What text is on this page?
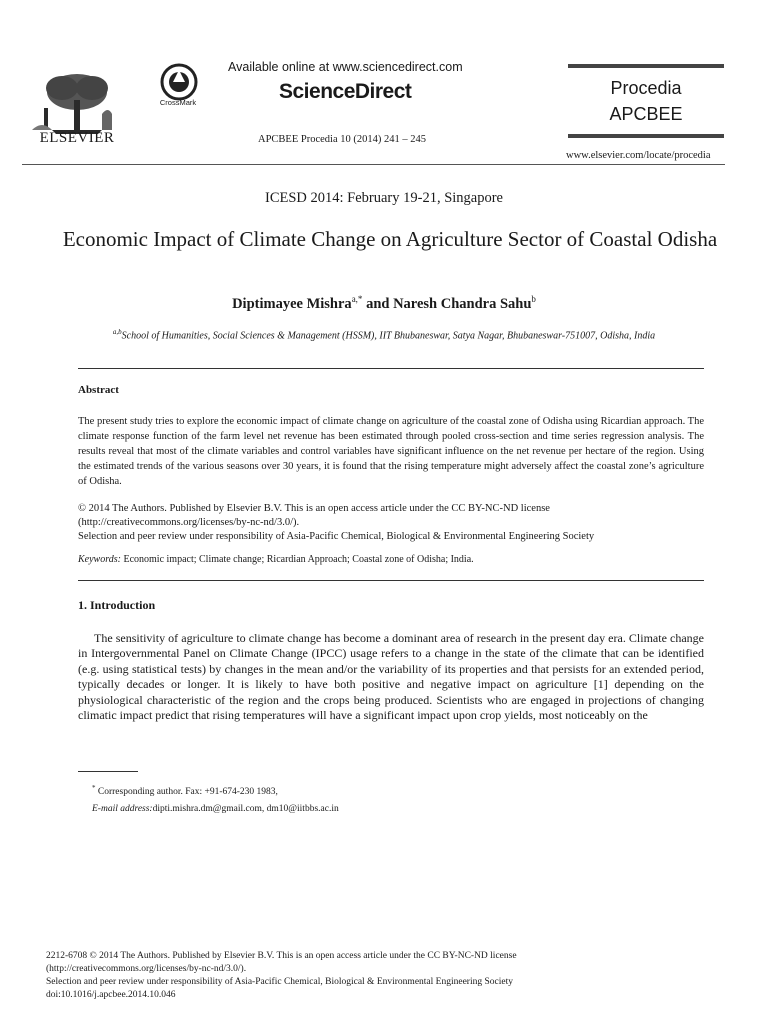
ELSEVIER
CrossMark
Available online at www.sciencedirect.com
ScienceDirect
APCBEE Procedia 10 (2014) 241 – 245
Procedia
APCBEE
www.elsevier.com/locate/procedia
ICESD 2014: February 19-21, Singapore
Economic Impact of Climate Change on Agriculture Sector of Coastal Odisha
Diptimayee Mishra$^{a,*}$ and Naresh Chandra Sahu$^b$
$^{a,b}$School of Humanities, Social Sciences & Management (HSSM), IIT Bhubaneswar, Satya Nagar, Bhubaneswar-751007, Odisha, India
Abstract
The present study tries to explore the economic impact of climate change on agriculture of the coastal zone of Odisha using Ricardian approach. The climate response function of the farm level net revenue has been estimated through pooled cross-section and time series regression analysis. The results reveal that most of the climate variables and control variables have significant influence on the net revenue per hectare of the region. Using the estimated trends of the various seasons over 30 years, it is found that the rising temperature might adversely affect the coastal zone’s agriculture of Odisha.
© 2014 The Authors. Published by Elsevier B.V. This is an open access article under the CC BY-NC-ND license
(http://creativecommons.org/licenses/by-nc-nd/3.0/).
Selection and peer review under responsibility of Asia-Pacific Chemical, Biological & Environmental Engineering Society
Keywords: Economic impact; Climate change; Ricardian Approach; Coastal zone of Odisha; India.
1. Introduction
The sensitivity of agriculture to climate change has become a dominant area of research in the present day era. Climate change in Intergovernmental Panel on Climate Change (IPCC) usage refers to a change in the state of the climate that can be identified (e.g. using statistical tests) by changes in the mean and/or the variability of its properties and that persists for an extended period, typically decades or longer. It is likely to have both positive and negative impact on agriculture [1] depending on the physiological characteristic of the region and the crops being produced. Scientists who are engaged in projections of changing climatic impact predict that rising temperatures will have a significant impact upon crop yields, most noticeably on the
* Corresponding author. Fax: +91-674-230 1983,
E-mail address:dipti.mishra.dm@gmail.com, dm10@iitbbs.ac.in
2212-6708 © 2014 The Authors. Published by Elsevier B.V. This is an open access article under the CC BY-NC-ND license
(http://creativecommons.org/licenses/by-nc-nd/3.0/).
Selection and peer review under responsibility of Asia-Pacific Chemical, Biological & Environmental Engineering Society
doi:10.1016/j.apcbee.2014.10.046
